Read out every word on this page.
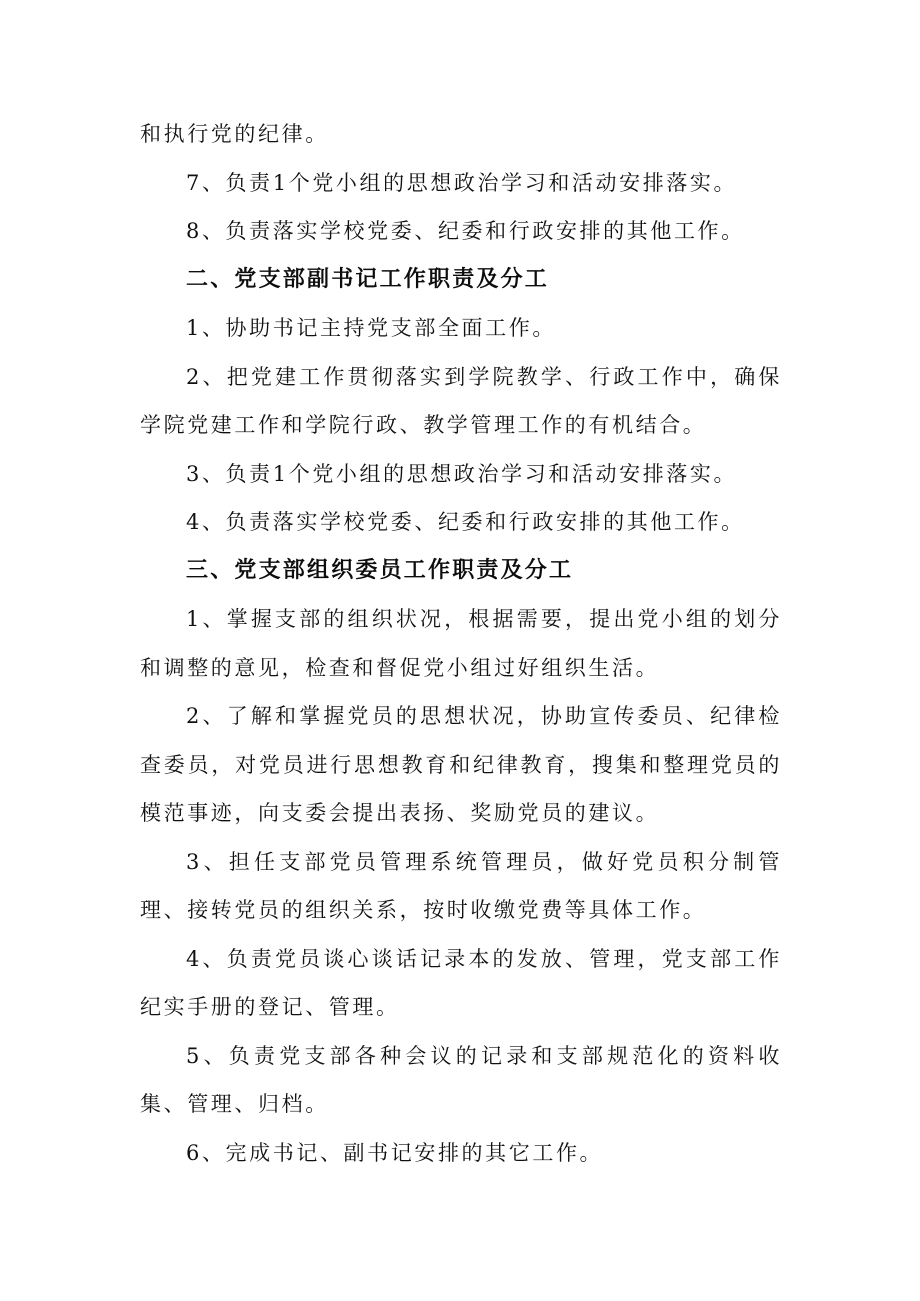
和执行党的纪律。

7、负责1个党小组的思想政治学习和活动安排落实。

8、负责落实学校党委、纪委和行政安排的其他工作。

二、党支部副书记工作职责及分工

1、协助书记主持党支部全面工作。

2、把党建工作贯彻落实到学院教学、行政工作中，确保学院党建工作和学院行政、教学管理工作的有机结合。

3、负责1个党小组的思想政治学习和活动安排落实。

4、负责落实学校党委、纪委和行政安排的其他工作。

三、党支部组织委员工作职责及分工

1、掌握支部的组织状况，根据需要，提出党小组的划分和调整的意见，检查和督促党小组过好组织生活。

2、了解和掌握党员的思想状况，协助宣传委员、纪律检查委员，对党员进行思想教育和纪律教育，搜集和整理党员的模范事迹，向支委会提出表扬、奖励党员的建议。

3、担任支部党员管理系统管理员，做好党员积分制管理、接转党员的组织关系，按时收缴党费等具体工作。

4、负责党员谈心谈话记录本的发放、管理，党支部工作纪实手册的登记、管理。

5、负责党支部各种会议的记录和支部规范化的资料收集、管理、归档。

6、完成书记、副书记安排的其它工作。
